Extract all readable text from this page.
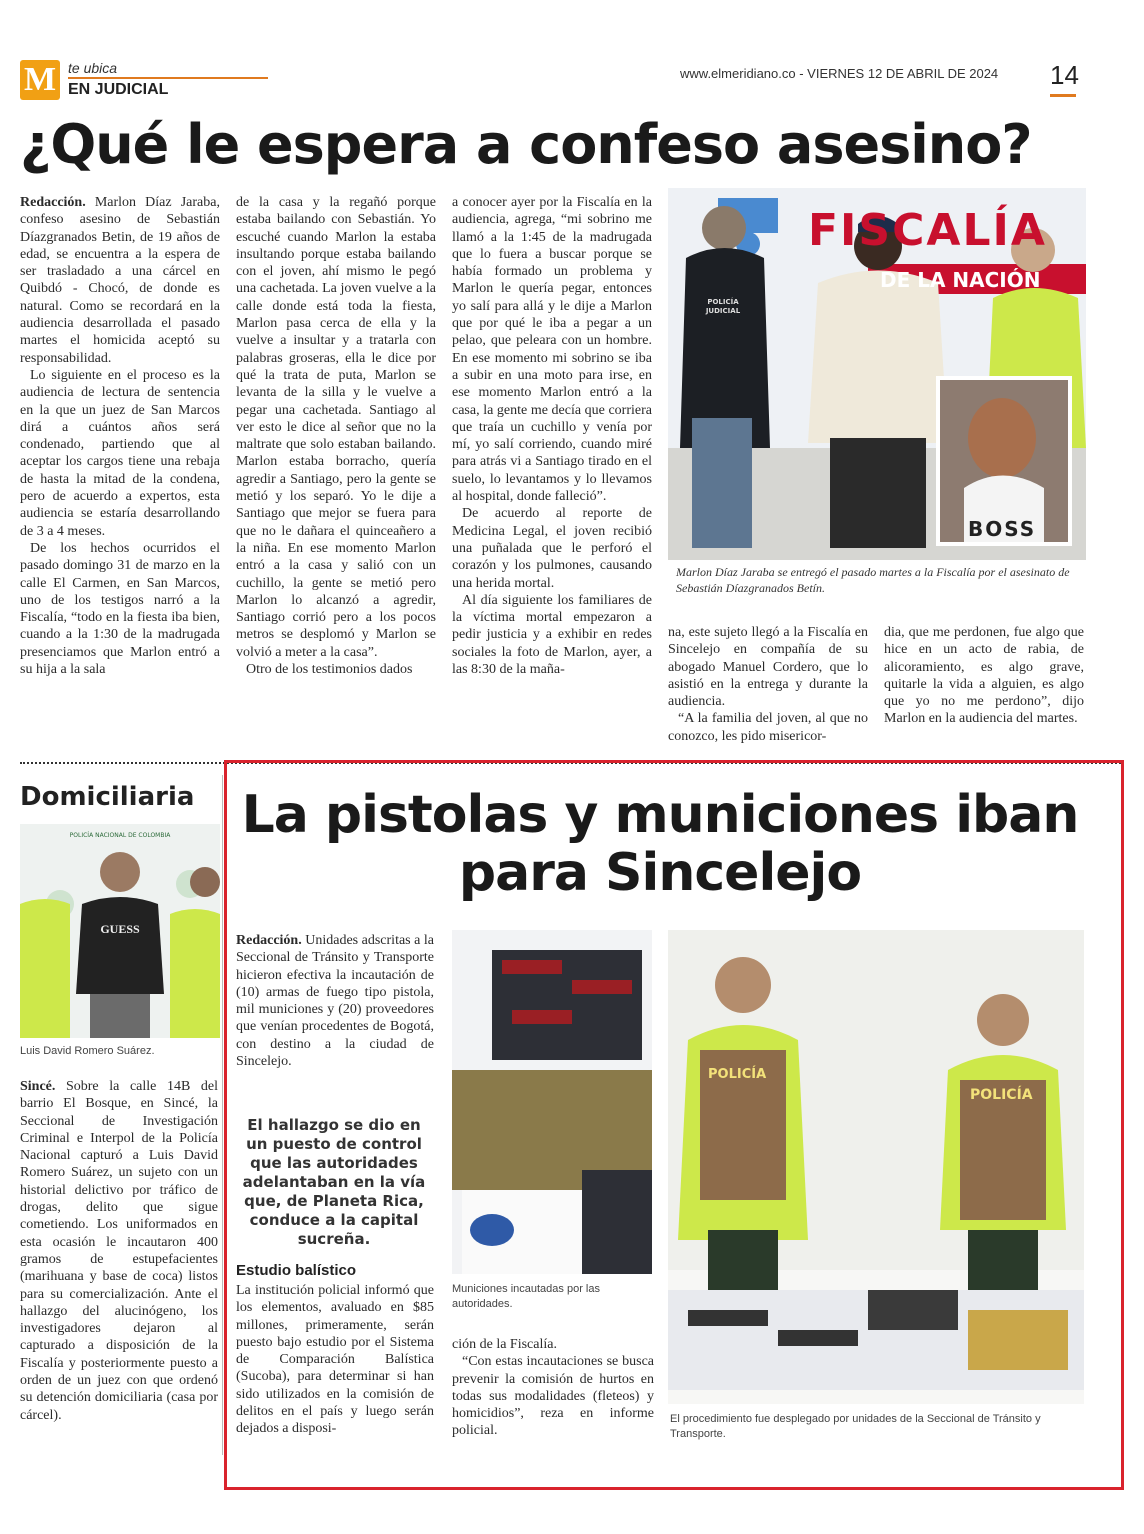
M te ubica
EN JUDICIAL
www.elmeridiano.co - VIERNES 12 DE ABRIL DE 2024 14
¿Qué le espera a confeso asesino?

Redacción. Marlon Díaz Jaraba, confeso asesino de Sebastián Díazgranados Betin, de 19 años de edad, se encuentra a la espera de ser trasladado a una cárcel en Quibdó - Chocó, de donde es natural. Como se recordará en la audiencia desarrollada el pasado martes el homicida aceptó su responsabilidad.

Lo siguiente en el proceso es la audiencia de lectura de sentencia en la que un juez de San Marcos dirá a cuántos años será condenado, partiendo que al aceptar los cargos tiene una rebaja de hasta la mitad de la condena, pero de acuerdo a expertos, esta audiencia se estaría desarrollando de 3 a 4 meses.

De los hechos ocurridos el pasado domingo 31 de marzo en la calle El Carmen, en San Marcos, uno de los testigos narró a la Fiscalía, “todo en la fiesta iba bien, cuando a la 1:30 de la madrugada presenciamos que Marlon entró a su hija a la sala

de la casa y la regañó porque estaba bailando con Sebastián. Yo escuché cuando Marlon la estaba insultando porque estaba bailando con el joven, ahí mismo le pegó una cachetada. La joven vuelve a la calle donde está toda la fiesta, Marlon pasa cerca de ella y la vuelve a insultar y a tratarla con palabras groseras, ella le dice por qué la trata de puta, Marlon se levanta de la silla y le vuelve a pegar una cachetada. Santiago al ver esto le dice al señor que no la maltrate que solo estaban bailando. Marlon estaba borracho, quería agredir a Santiago, pero la gente se metió y los separó. Yo le dije a Santiago que mejor se fuera para que no le dañara el quinceañero a la niña. En ese momento Marlon entró a la casa y salió con un cuchillo, la gente se metió pero Marlon lo alcanzó a agredir, Santiago corrió pero a los pocos metros se desplomó y Marlon se volvió a meter a la casa”.

Otro de los testimonios dados

a conocer ayer por la Fiscalía en la audiencia, agrega, “mi sobrino me llamó a la 1:45 de la madrugada que lo fuera a buscar porque se había formado un problema y Marlon le quería pegar, entonces yo salí para allá y le dije a Marlon que por qué le iba a pegar a un pelao, que peleara con un hombre. En ese momento mi sobrino se iba a subir en una moto para irse, en ese momento Marlon entró a la casa, la gente me decía que corriera que traía un cuchillo y venía por mí, yo salí corriendo, cuando miré para atrás vi a Santiago tirado en el suelo, lo levantamos y lo llevamos al hospital, donde falleció”.

De acuerdo al reporte de Medicina Legal, el joven recibió una puñalada que le perforó el corazón y los pulmones, causando una herida mortal.

Al día siguiente los familiares de la víctima mortal empezaron a pedir justicia y a exhibir en redes sociales la foto de Marlon, ayer, a las 8:30 de la maña-

na, este sujeto llegó a la Fiscalía en Sincelejo en compañía de su abogado Manuel Cordero, que lo asistió en la entrega y durante la audiencia.

“A la familia del joven, al que no conozco, les pido misericor-

dia, que me perdonen, fue algo que hice en un acto de rabia, de alicoramiento, es algo grave, quitarle la vida a alguien, es algo que yo no me perdono”, dijo Marlon en la audiencia del martes.

FISCALÍA
DE LA NACIÓN
POLICÍA JUDICIAL
BOSS
Marlon Díaz Jaraba se entregó el pasado martes a la Fiscalía por el asesinato de Sebastián Díazgranados Betín.
Domiciliaria
POLICÍA NACIONAL DE COLOMBIA
GUESS
Luis David Romero Suárez.

Sincé. Sobre la calle 14B del barrio El Bosque, en Sincé, la Seccional de Investigación Criminal e Interpol de la Policía Nacional capturó a Luis David Romero Suárez, un sujeto con un historial delictivo por tráfico de drogas, delito que sigue cometiendo. Los uniformados en esta ocasión le incautaron 400 gramos de estupefacientes (marihuana y base de coca) listos para su comercialización. Ante el hallazgo del alucinógeno, los investigadores dejaron al capturado a disposición de la Fiscalía y posteriormente puesto a orden de un juez con que ordenó su detención domiciliaria (casa por cárcel).

La pistolas y municiones iban para Sincelejo

Redacción. Unidades adscritas a la Seccional de Tránsito y Transporte hicieron efectiva la incautación de (10) armas de fuego tipo pistola, mil municiones y (20) proveedores que venían procedentes de Bogotá, con destino a la ciudad de Sincelejo.

El hallazgo se dio en un puesto de control que las autoridades adelantaban en la vía que, de Planeta Rica, conduce a la capital sucreña.
Estudio balístico

La institución policial informó que los elementos, avaluado en $85 millones, primeramente, serán puesto bajo estudio por el Sistema de Comparación Balística (Sucoba), para determinar si han sido utilizados en la comisión de delitos en el país y luego serán dejados a disposi-

ción de la Fiscalía.

“Con estas incautaciones se busca prevenir la comisión de hurtos en todas sus modalidades (fleteos) y homicidios”, reza en informe policial.

Municiones incautadas por las autoridades.
POLICÍA
POLICÍA
El procedimiento fue desplegado por unidades de la Seccional de Tránsito y Transporte.
